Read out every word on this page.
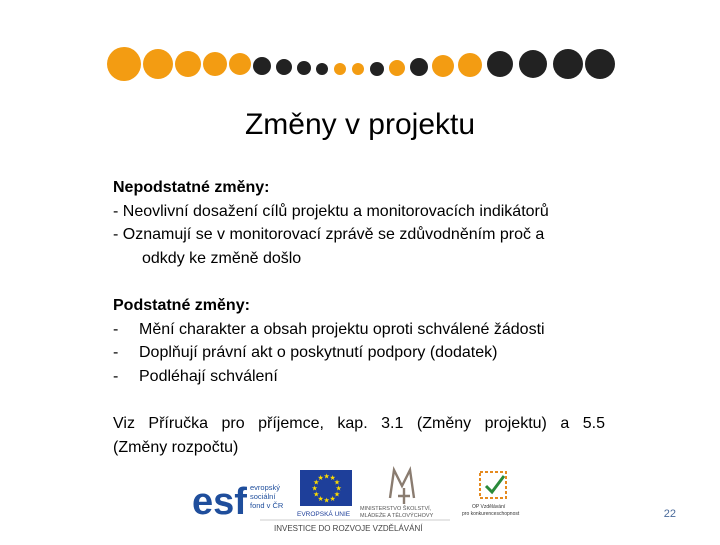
Změny v projektu
Nepodstatné změny:
- Neovlivní dosažení cílů projektu a monitorovacích indikátorů
- Oznamují se v monitorovací zprávě se zdůvodněním proč a
odkdy ke změně došlo
Podstatné změny:
- Mění charakter a obsah projektu oproti schválené žádosti
- Doplňují právní akt o poskytnutí podpory (dodatek)
- Podléhají schválení
Viz Příručka pro příjemce, kap. 3.1 (Změny projektu) a 5.5
(Změny rozpočtu)
esf evropský
sociální
fond v ČR
★
★
★
★
★
★
★
★
★ ★ ★
★
EVROPSKÁ UNIE
MINISTERSTVO ŠKOLSTVÍ,
MLÁDEŽE A TĚLOVÝCHOVY
OP Vzdělávání
pro konkurenceschopnost
INVESTICE DO ROZVOJE VZDĚLÁVÁNÍ
22
